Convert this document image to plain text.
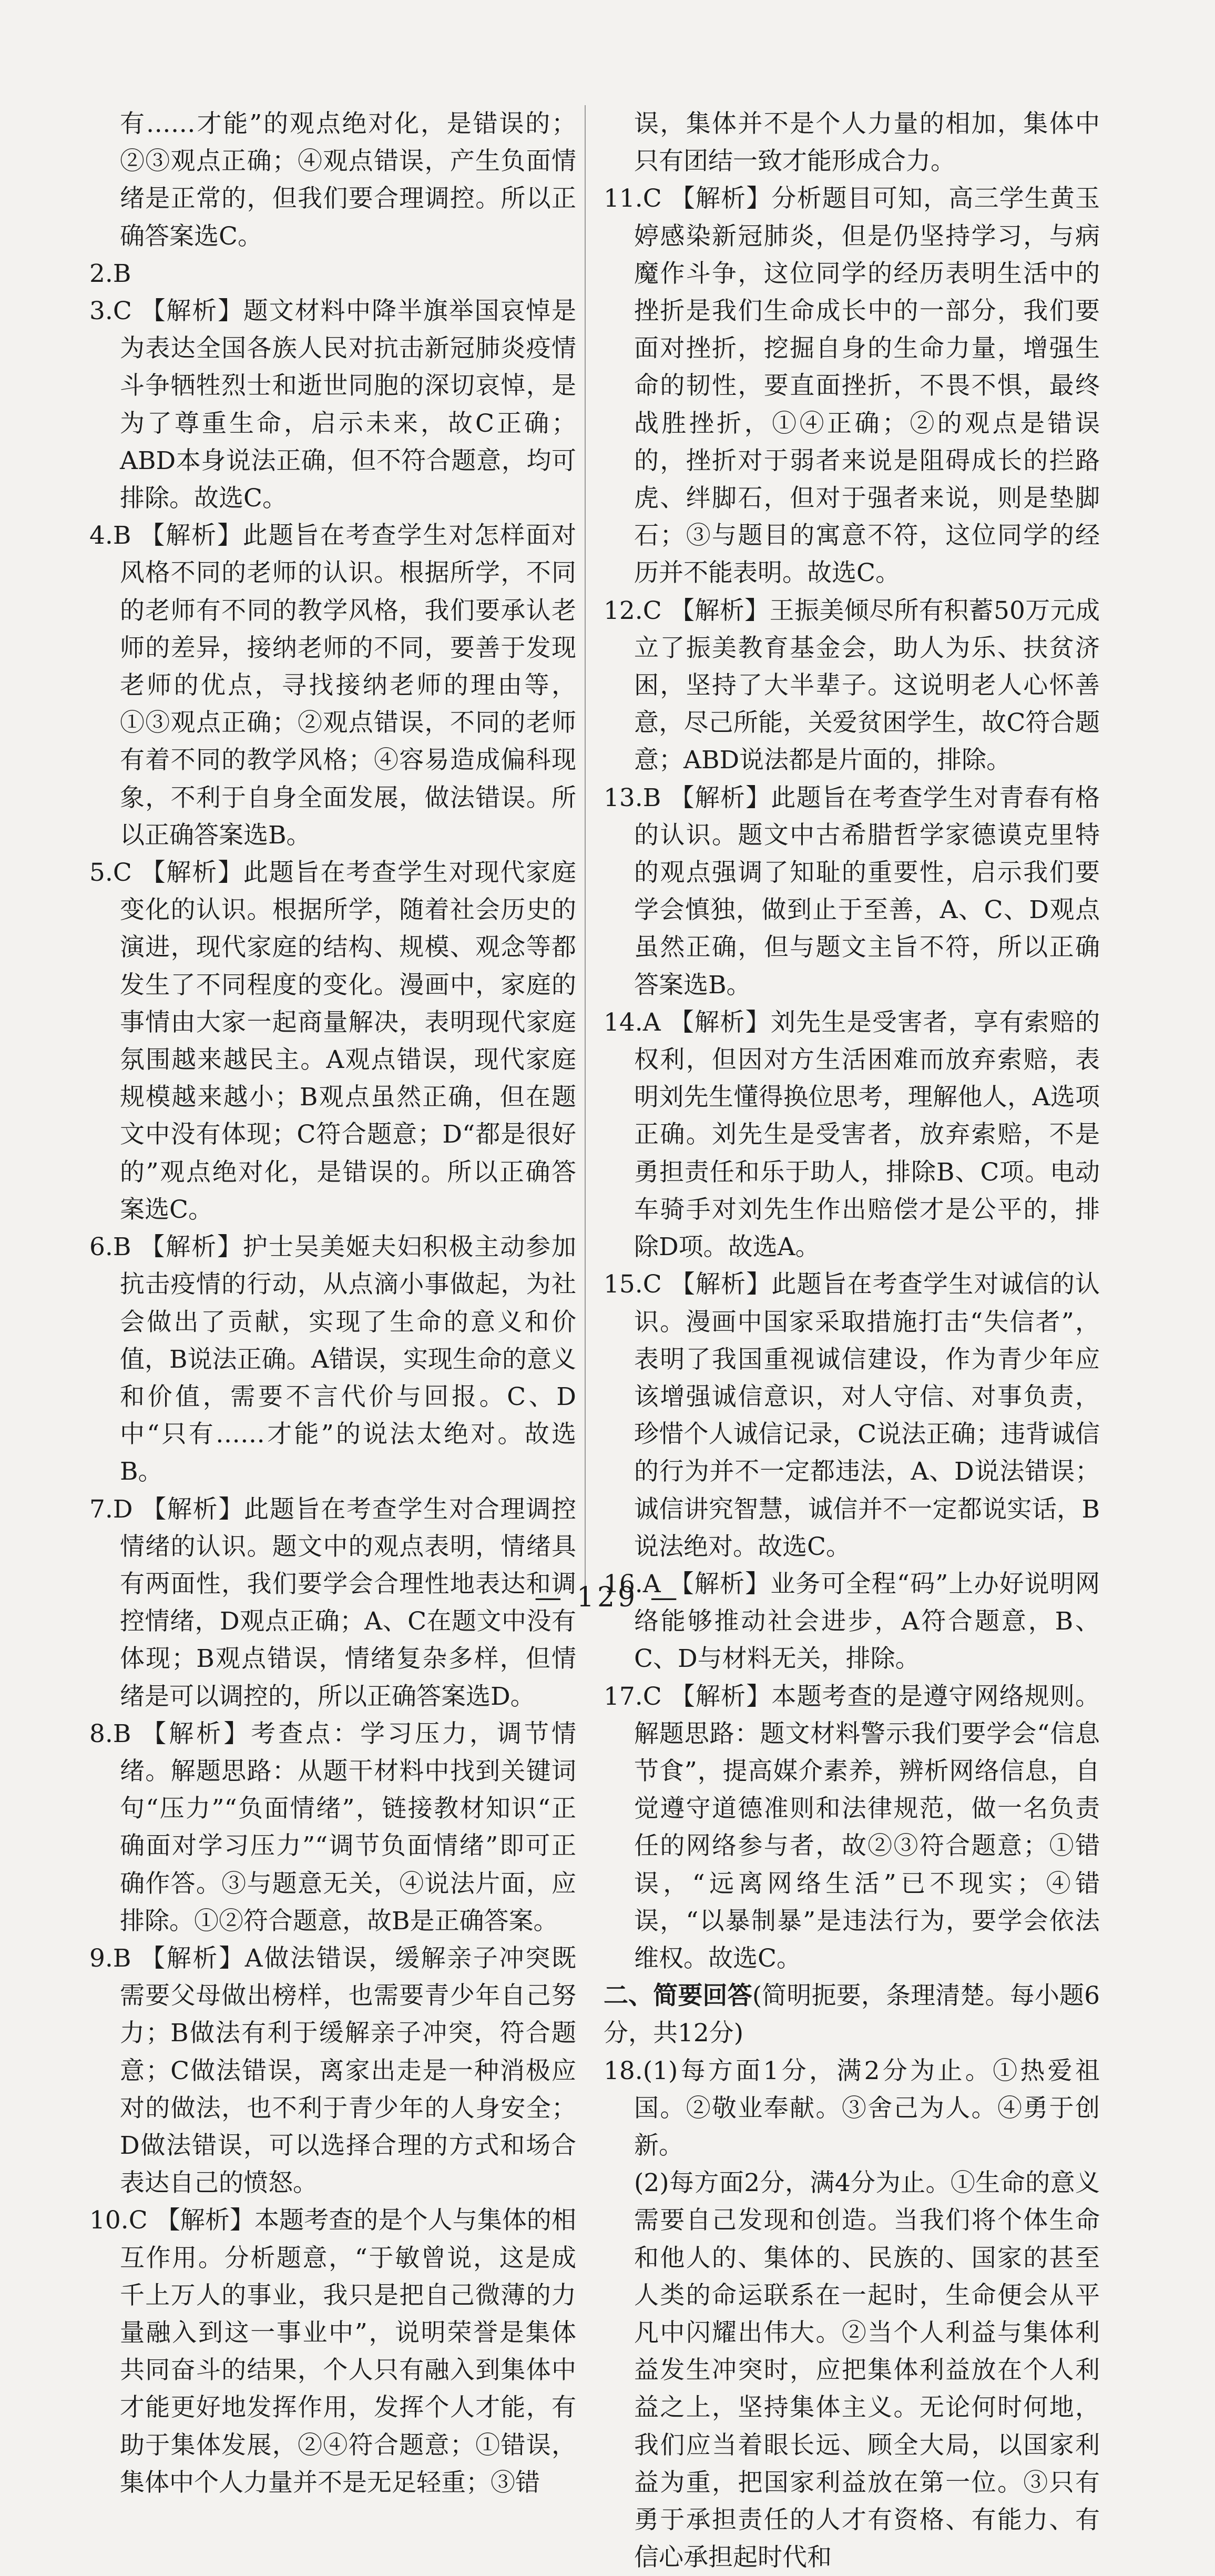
有……才能”的观点绝对化，是错误的；②③观点正确；④观点错误，产生负面情绪是正常的，但我们要合理调控。所以正确答案选C。

2.B

3.C 【解析】题文材料中降半旗举国哀悼是为表达全国各族人民对抗击新冠肺炎疫情斗争牺牲烈士和逝世同胞的深切哀悼，是为了尊重生命，启示未来，故C正确；ABD本身说法正确，但不符合题意，均可排除。故选C。

4.B 【解析】此题旨在考查学生对怎样面对风格不同的老师的认识。根据所学，不同的老师有不同的教学风格，我们要承认老师的差异，接纳老师的不同，要善于发现老师的优点，寻找接纳老师的理由等，①③观点正确；②观点错误，不同的老师有着不同的教学风格；④容易造成偏科现象，不利于自身全面发展，做法错误。所以正确答案选B。

5.C 【解析】此题旨在考查学生对现代家庭变化的认识。根据所学，随着社会历史的演进，现代家庭的结构、规模、观念等都发生了不同程度的变化。漫画中，家庭的事情由大家一起商量解决，表明现代家庭氛围越来越民主。A观点错误，现代家庭规模越来越小；B观点虽然正确，但在题文中没有体现；C符合题意；D“都是很好的”观点绝对化，是错误的。所以正确答案选C。

6.B 【解析】护士吴美姬夫妇积极主动参加抗击疫情的行动，从点滴小事做起，为社会做出了贡献，实现了生命的意义和价值，B说法正确。A错误，实现生命的意义和价值，需要不言代价与回报。C、D中“只有……才能”的说法太绝对。故选B。

7.D 【解析】此题旨在考查学生对合理调控情绪的认识。题文中的观点表明，情绪具有两面性，我们要学会合理性地表达和调控情绪，D观点正确；A、C在题文中没有体现；B观点错误，情绪复杂多样，但情绪是可以调控的，所以正确答案选D。

8.B 【解析】考查点：学习压力，调节情绪。解题思路：从题干材料中找到关键词句“压力”“负面情绪”，链接教材知识“正确面对学习压力”“调节负面情绪”即可正确作答。③与题意无关，④说法片面，应排除。①②符合题意，故B是正确答案。

9.B 【解析】A做法错误，缓解亲子冲突既需要父母做出榜样，也需要青少年自己努力；B做法有利于缓解亲子冲突，符合题意；C做法错误，离家出走是一种消极应对的做法，也不利于青少年的人身安全；D做法错误，可以选择合理的方式和场合表达自己的愤怒。

10.C 【解析】本题考查的是个人与集体的相互作用。分析题意，“于敏曾说，这是成千上万人的事业，我只是把自己微薄的力量融入到这一事业中”，说明荣誉是集体共同奋斗的结果，个人只有融入到集体中才能更好地发挥作用，发挥个人才能，有助于集体发展，②④符合题意；①错误，集体中个人力量并不是无足轻重；③错

误，集体并不是个人力量的相加，集体中只有团结一致才能形成合力。

11.C 【解析】分析题目可知，高三学生黄玉婷感染新冠肺炎，但是仍坚持学习，与病魔作斗争，这位同学的经历表明生活中的挫折是我们生命成长中的一部分，我们要面对挫折，挖掘自身的生命力量，增强生命的韧性，要直面挫折，不畏不惧，最终战胜挫折，①④正确；②的观点是错误的，挫折对于弱者来说是阻碍成长的拦路虎、绊脚石，但对于强者来说，则是垫脚石；③与题目的寓意不符，这位同学的经历并不能表明。故选C。

12.C 【解析】王振美倾尽所有积蓄50万元成立了振美教育基金会，助人为乐、扶贫济困，坚持了大半辈子。这说明老人心怀善意，尽己所能，关爱贫困学生，故C符合题意；ABD说法都是片面的，排除。

13.B 【解析】此题旨在考查学生对青春有格的认识。题文中古希腊哲学家德谟克里特的观点强调了知耻的重要性，启示我们要学会慎独，做到止于至善，A、C、D观点虽然正确，但与题文主旨不符，所以正确答案选B。

14.A 【解析】刘先生是受害者，享有索赔的权利，但因对方生活困难而放弃索赔，表明刘先生懂得换位思考，理解他人，A选项正确。刘先生是受害者，放弃索赔，不是勇担责任和乐于助人，排除B、C项。电动车骑手对刘先生作出赔偿才是公平的，排除D项。故选A。

15.C 【解析】此题旨在考查学生对诚信的认识。漫画中国家采取措施打击“失信者”，表明了我国重视诚信建设，作为青少年应该增强诚信意识，对人守信、对事负责，珍惜个人诚信记录，C说法正确；违背诚信的行为并不一定都违法，A、D说法错误；诚信讲究智慧，诚信并不一定都说实话，B说法绝对。故选C。

16.A 【解析】业务可全程“码”上办好说明网络能够推动社会进步，A符合题意，B、C、D与材料无关，排除。

17.C 【解析】本题考查的是遵守网络规则。解题思路：题文材料警示我们要学会“信息节食”，提高媒介素养，辨析网络信息，自觉遵守道德准则和法律规范，做一名负责任的网络参与者，故②③符合题意；①错误，“远离网络生活”已不现实；④错误，“以暴制暴”是违法行为，要学会依法维权。故选C。

二、简要回答(简明扼要，条理清楚。每小题6分，共12分)

18.(1)每方面1分，满2分为止。①热爱祖国。②敬业奉献。③舍己为人。④勇于创新。

(2)每方面2分，满4分为止。①生命的意义需要自己发现和创造。当我们将个体生命和他人的、集体的、民族的、国家的甚至人类的命运联系在一起时，生命便会从平凡中闪耀出伟大。②当个人利益与集体利益发生冲突时，应把集体利益放在个人利益之上，坚持集体主义。无论何时何地，我们应当着眼长远、顾全大局，以国家利益为重，把国家利益放在第一位。③只有勇于承担责任的人才有资格、有能力、有信心承担起时代和

— 129 —
